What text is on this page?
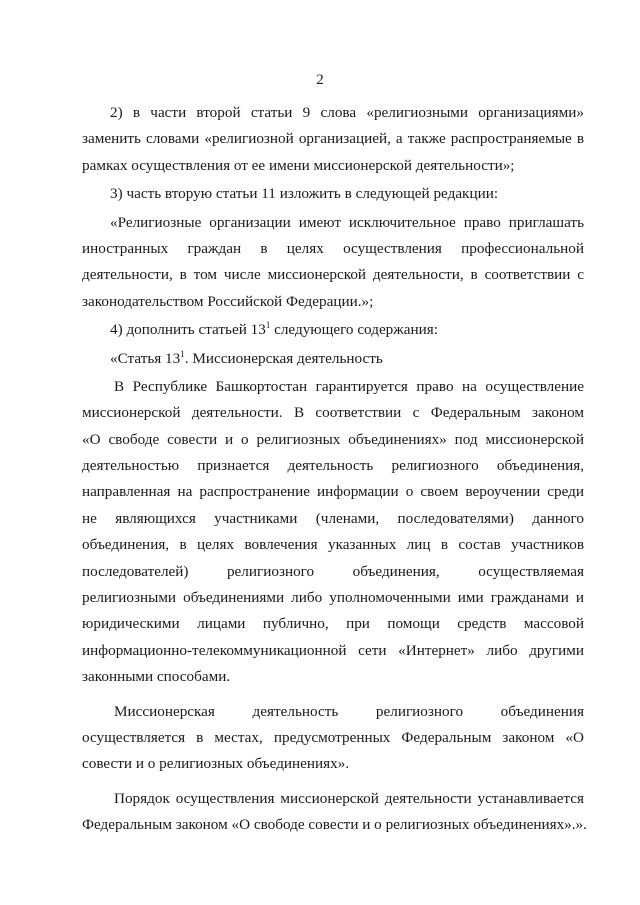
2
2) в части второй статьи 9 слова «религиозными организациями»
заменить словами «религиозной организацией, а также распространяемые в
рамках осуществления от ее имени миссионерской деятельности»;
3) часть вторую статьи 11 изложить в следующей редакции:
«Религиозные организации имеют исключительное право приглашать
иностранных граждан в целях осуществления профессиональной
деятельности, в том числе миссионерской деятельности, в соответствии с
законодательством Российской Федерации.»;
4) дополнить статьей $13^1$ следующего содержания:
«Статья $13^1$. Миссионерская деятельность
В Республике Башкортостан гарантируется право на осуществление
миссионерской деятельности. В соответствии с Федеральным законом
«О свободе совести и о религиозных объединениях» под миссионерской
деятельностью признается деятельность религиозного объединения,
направленная на распространение информации о своем вероучении среди
не являющихся участниками (членами, последователями) данного
объединения, в целях вовлечения указанных лиц в состав участников
последователей) религиозного объединения, осуществляемая
религиозными объединениями либо уполномоченными ими гражданами и
юридическими лицами публично, при помощи средств массовой
информационно-телекоммуникационной сети «Интернет» либо другими
законными способами.
Миссионерская деятельность религиозного объединения
осуществляется в местах, предусмотренных Федеральным законом «О
совести и о религиозных объединениях».
Порядок осуществления миссионерской деятельности устанавливается
Федеральным законом «О свободе совести и о религиозных объединениях».».
